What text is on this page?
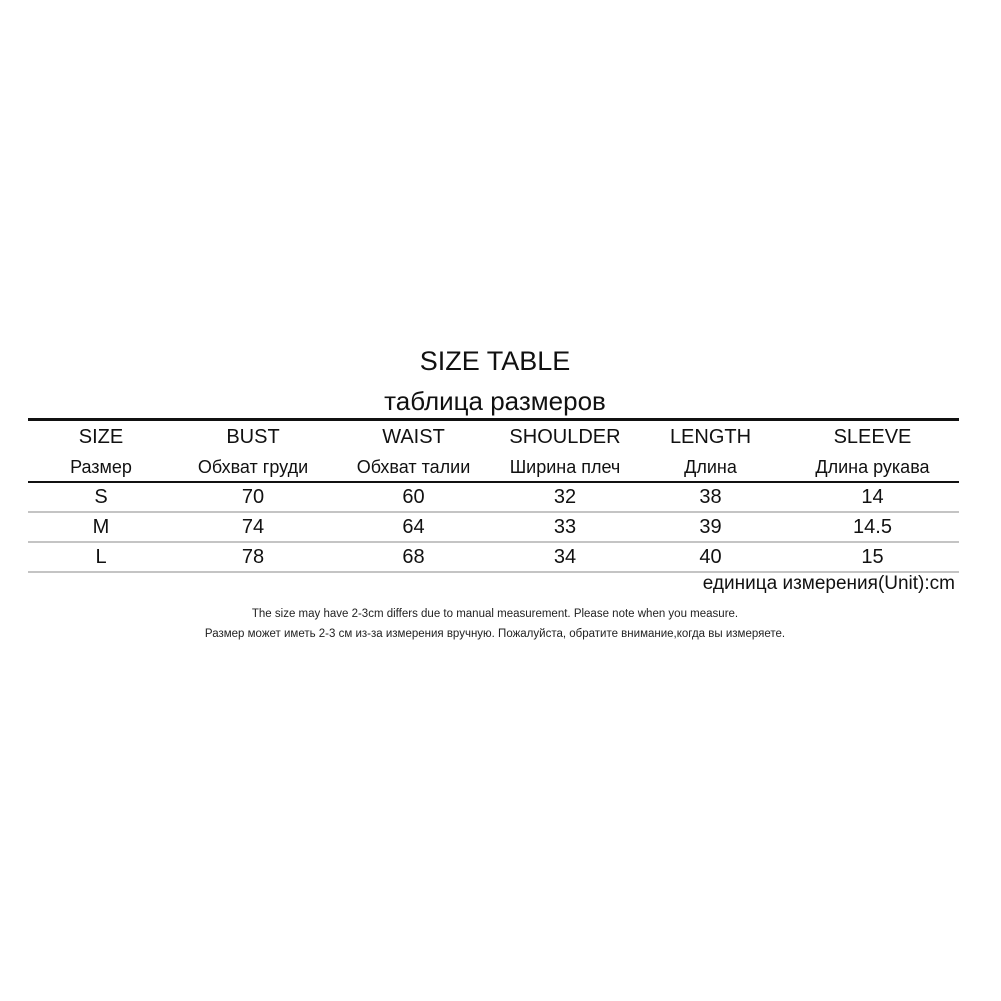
SIZE TABLE
таблица размеров
SIZE	BUST	WAIST	SHOULDER	LENGTH	SLEEVE
Размер	Обхват груди	Обхват талии	Ширина плеч	Длина	Длина рукава
S	70	60	32	38	14
M	74	64	33	39	14.5
L	78	68	34	40	15
единица измерения(Unit):cm
The size may have 2-3cm differs due to manual measurement. Please note when you measure.
Размер может иметь 2-3 см из-за измерения вручную. Пожалуйста, обратите внимание,когда вы измеряете.
